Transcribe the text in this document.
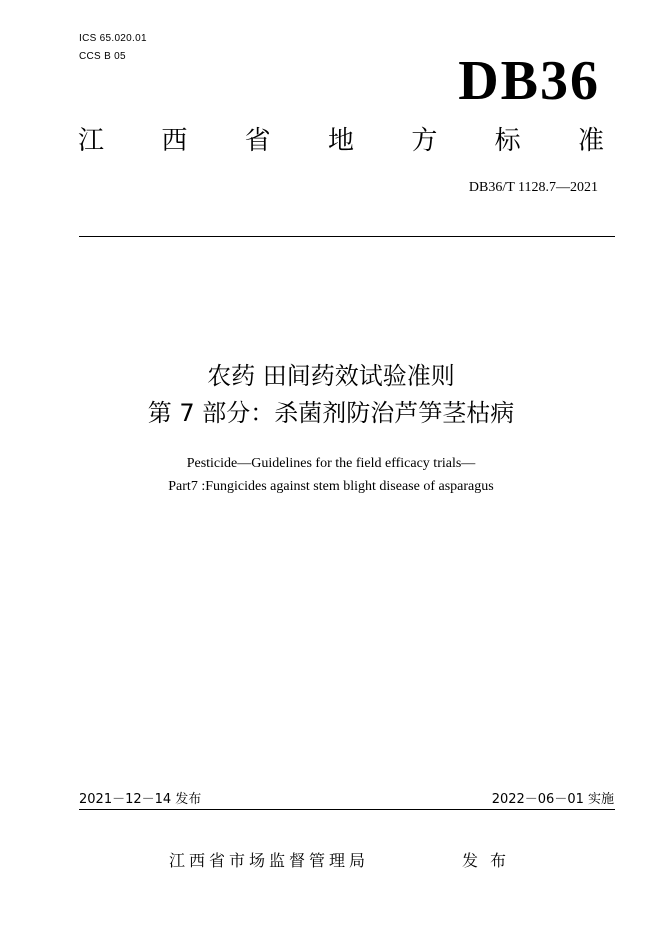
ICS 65.020.01
CCS B 05	DB36
江 西 省 地 方 标 准
DB36/T 1128.7—2021
农药 田间药效试验准则
第 7 部分：杀菌剂防治芦笋茎枯病
Pesticide—Guidelines for the field efficacy trials—
Part7 :Fungicides against stem blight disease of asparagus
2021－12－14 发布	2022－06－01 实施
江西省市场监督管理局	发布
